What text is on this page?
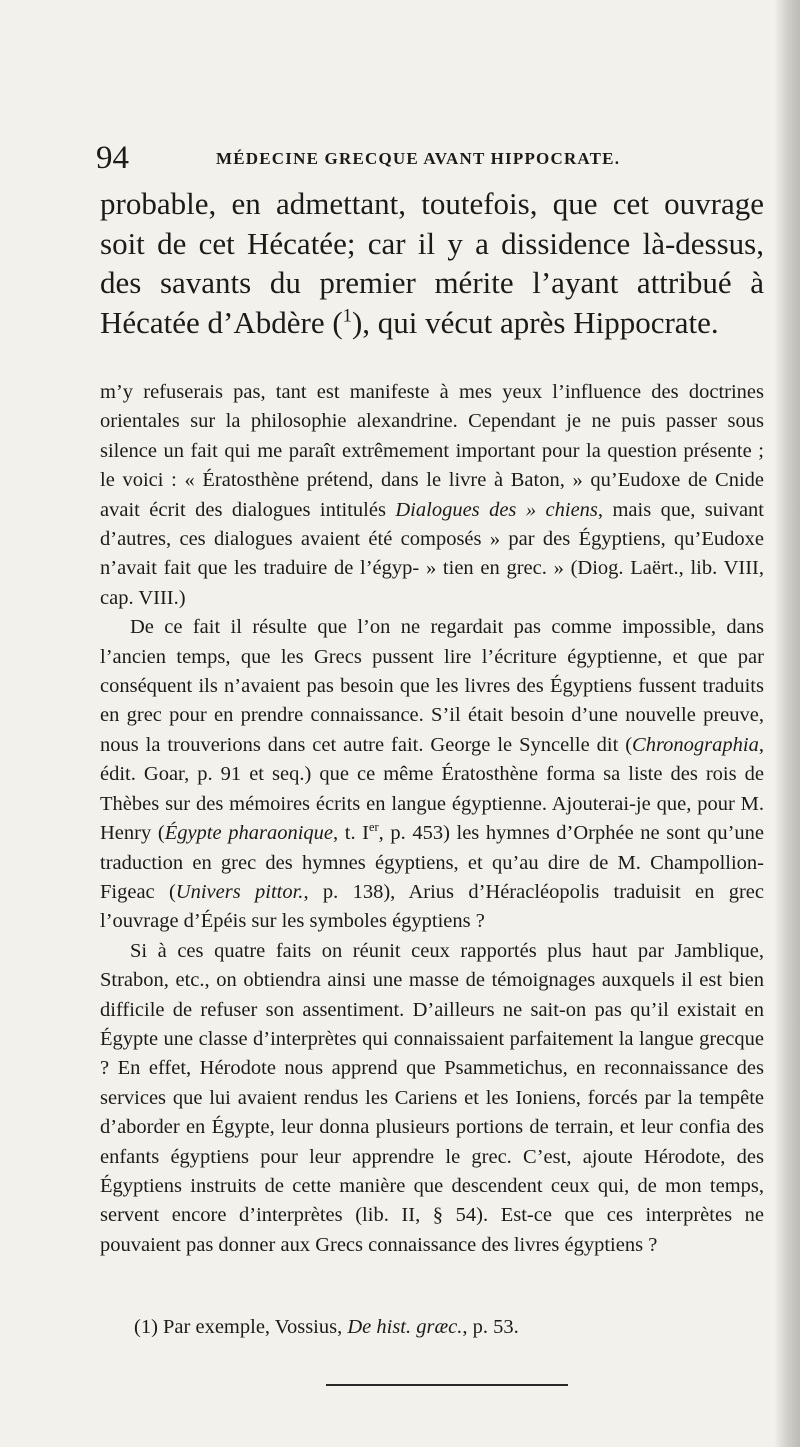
94	MÉDECINE GRECQUE AVANT HIPPOCRATE.
probable, en admettant, toutefois, que cet ouvrage soit de cet Hécatée; car il y a dissidence là-dessus, des savants du premier mérite l’ayant attribué à Hécatée d’Abdère ($^1$), qui vécut après Hippocrate.

m’y refuserais pas, tant est manifeste à mes yeux l’influence des doctrines orientales sur la philosophie alexandrine. Cependant je ne puis passer sous silence un fait qui me paraît extrêmement important pour la question présente ; le voici : « Ératosthène prétend, dans le livre à Baton, » qu’Eudoxe de Cnide avait écrit des dialogues intitulés Dialogues des » chiens, mais que, suivant d’autres, ces dialogues avaient été composés » par des Égyptiens, qu’Eudoxe n’avait fait que les traduire de l’égyp- » tien en grec. » (Diog. Laërt., lib. VIII, cap. VIII.)

De ce fait il résulte que l’on ne regardait pas comme impossible, dans l’ancien temps, que les Grecs pussent lire l’écriture égyptienne, et que par conséquent ils n’avaient pas besoin que les livres des Égyptiens fussent traduits en grec pour en prendre connaissance. S’il était besoin d’une nouvelle preuve, nous la trouverions dans cet autre fait. George le Syncelle dit (Chronographia, édit. Goar, p. 91 et seq.) que ce même Ératosthène forma sa liste des rois de Thèbes sur des mémoires écrits en langue égyptienne. Ajouterai-je que, pour M. Henry (Égypte pharaonique, t. Ier, p. 453) les hymnes d’Orphée ne sont qu’une traduction en grec des hymnes égyptiens, et qu’au dire de M. Champollion-Figeac (Univers pittor., p. 138), Arius d’Héracléopolis traduisit en grec l’ouvrage d’Épéis sur les symboles égyptiens ?

Si à ces quatre faits on réunit ceux rapportés plus haut par Jamblique, Strabon, etc., on obtiendra ainsi une masse de témoignages auxquels il est bien difficile de refuser son assentiment. D’ailleurs ne sait-on pas qu’il existait en Égypte une classe d’interprètes qui connaissaient parfaitement la langue grecque ? En effet, Hérodote nous apprend que Psammetichus, en reconnaissance des services que lui avaient rendus les Cariens et les Ioniens, forcés par la tempête d’aborder en Égypte, leur donna plusieurs portions de terrain, et leur confia des enfants égyptiens pour leur apprendre le grec. C’est, ajoute Hérodote, des Égyptiens instruits de cette manière que descendent ceux qui, de mon temps, servent encore d’interprètes (lib. II, § 54). Est-ce que ces interprètes ne pouvaient pas donner aux Grecs connaissance des livres égyptiens ?

(1) Par exemple, Vossius, De hist. græc., p. 53.
